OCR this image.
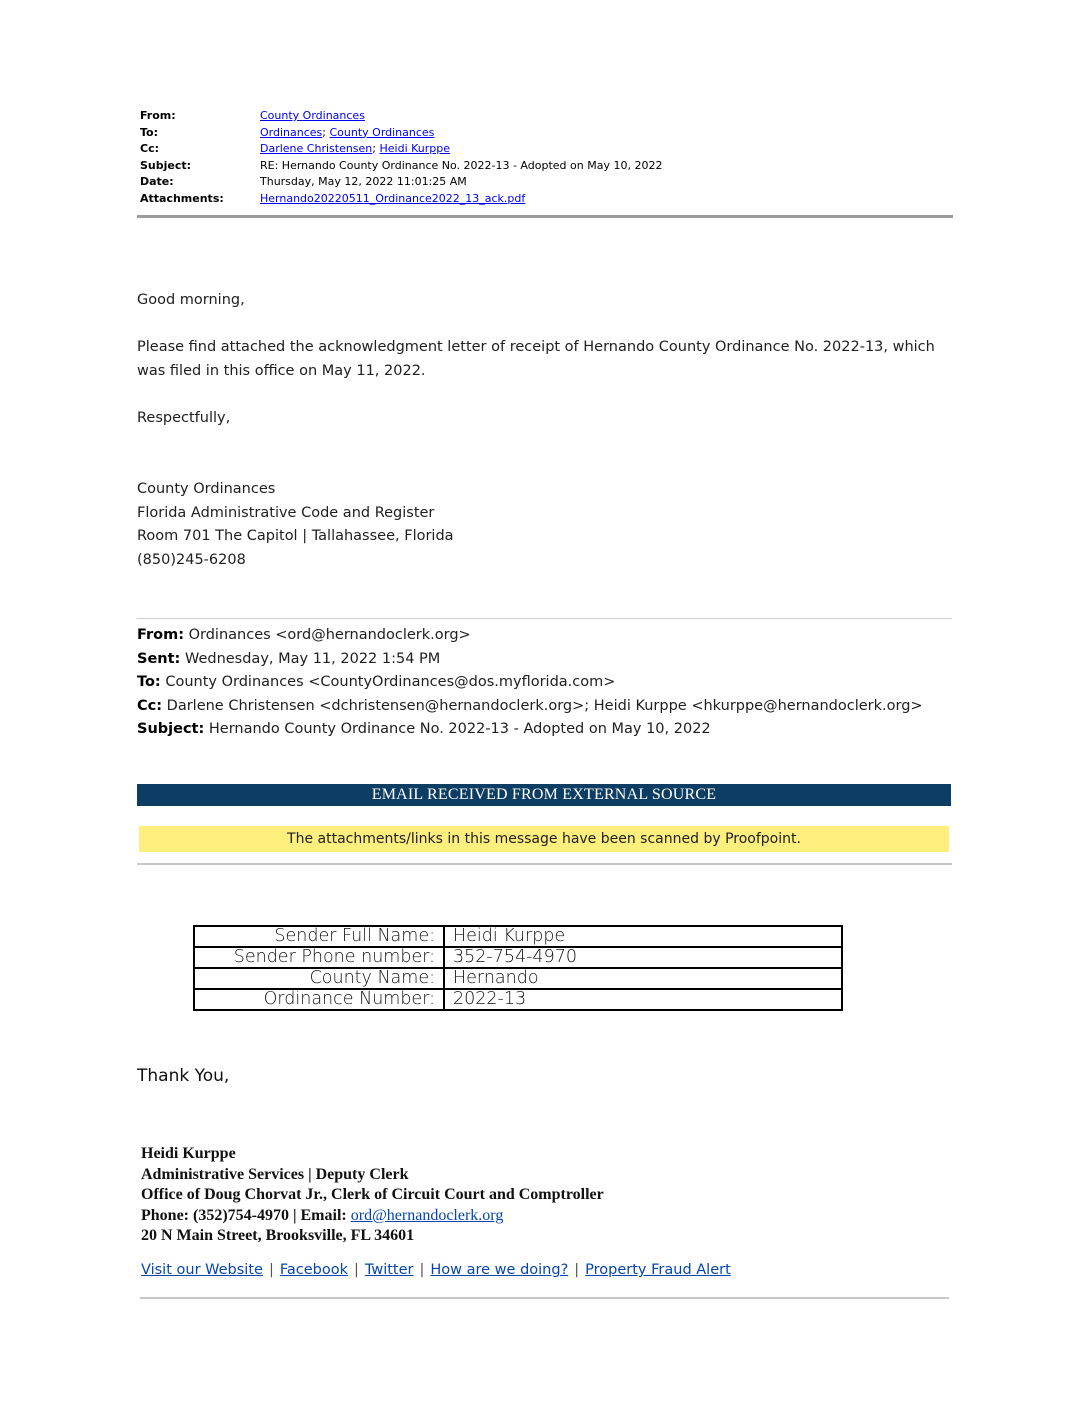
From:	County Ordinances
To:	Ordinances; County Ordinances
Cc:	Darlene Christensen; Heidi Kurppe
Subject:	RE: Hernando County Ordinance No. 2022-13 - Adopted on May 10, 2022
Date:	Thursday, May 12, 2022 11:01:25 AM
Attachments:	Hernando20220511_Ordinance2022_13_ack.pdf
Good morning,
Please find attached the acknowledgment letter of receipt of Hernando County Ordinance No. 2022-13, which was filed in this office on May 11, 2022.
Respectfully,
County Ordinances
Florida Administrative Code and Register
Room 701 The Capitol | Tallahassee, Florida
(850)245-6208
From: Ordinances <ord@hernandoclerk.org>
Sent: Wednesday, May 11, 2022 1:54 PM
To: County Ordinances <CountyOrdinances@dos.myflorida.com>
Cc: Darlene Christensen <dchristensen@hernandoclerk.org>; Heidi Kurppe <hkurppe@hernandoclerk.org>
Subject: Hernando County Ordinance No. 2022-13 - Adopted on May 10, 2022
EMAIL RECEIVED FROM EXTERNAL SOURCE
The attachments/links in this message have been scanned by Proofpoint.
Sender Full Name:	Heidi Kurppe
Sender Phone number:	352-754-4970
County Name:	Hernando
Ordinance Number:	2022-13
Thank You,
Heidi Kurppe
Administrative Services | Deputy Clerk
Office of Doug Chorvat Jr., Clerk of Circuit Court and Comptroller
Phone: (352)754-4970 | Email: ord@hernandoclerk.org
20 N Main Street, Brooksville, FL 34601
Visit our Website | Facebook | Twitter | How are we doing? | Property Fraud Alert
